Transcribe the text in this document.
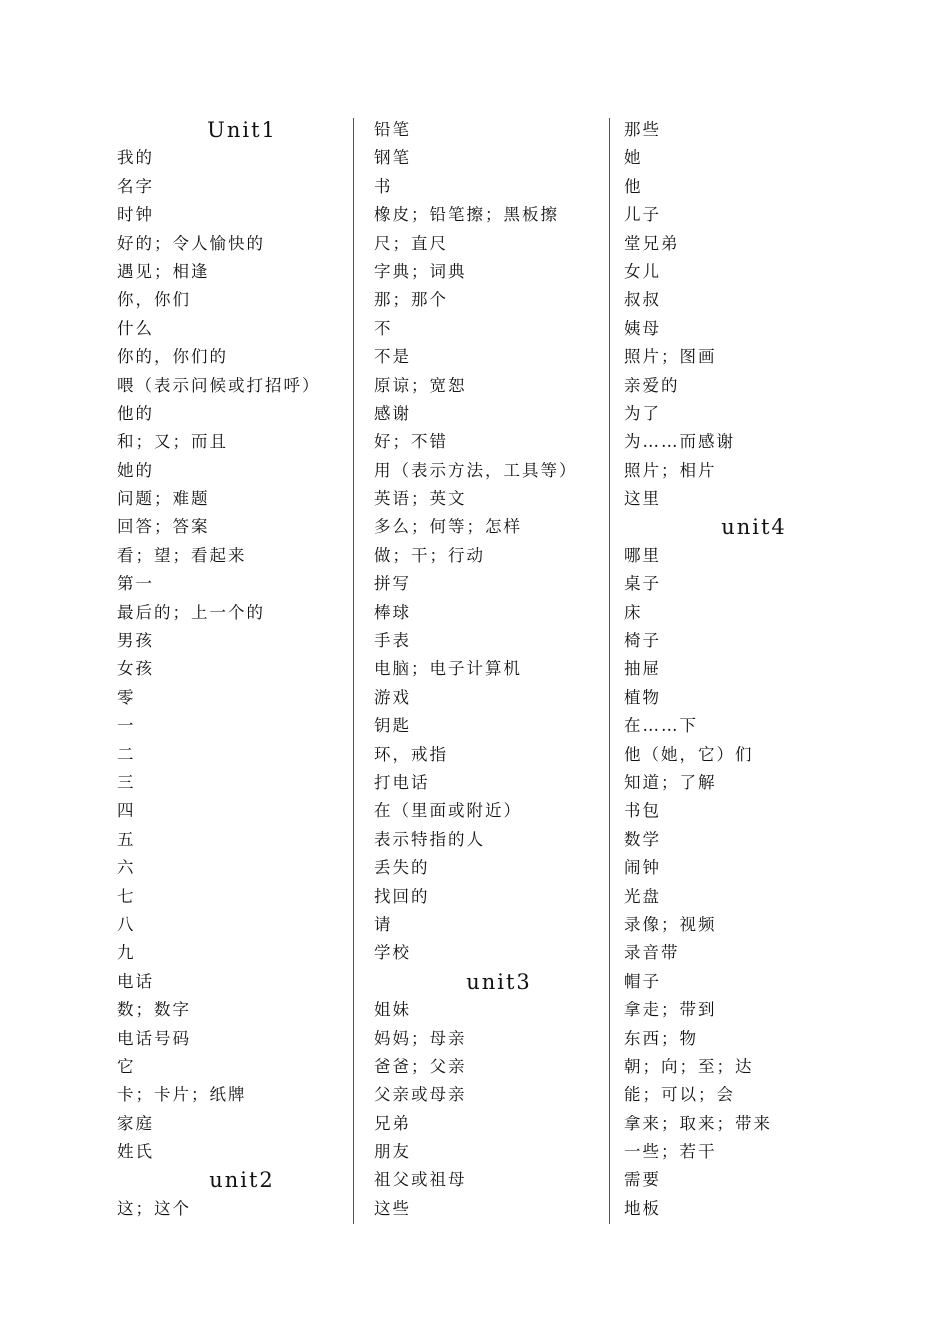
Unit1
我的
名字
时钟
好的；令人愉快的
遇见；相逢
你，你们
什么
你的，你们的
喂（表示问候或打招呼）
他的
和；又；而且
她的
问题；难题
回答；答案
看；望；看起来
第一
最后的；上一个的
男孩
女孩
零
一
二
三
四
五
六
七
八
九
电话
数；数字
电话号码
它
卡；卡片；纸牌
家庭
姓氏
unit2
这；这个
铅笔
钢笔
书
橡皮；铅笔擦；黑板擦
尺；直尺
字典；词典
那；那个
不
不是
原谅；宽恕
感谢
好；不错
用（表示方法，工具等）
英语；英文
多么；何等；怎样
做；干；行动
拼写
棒球
手表
电脑；电子计算机
游戏
钥匙
环，戒指
打电话
在（里面或附近）
表示特指的人
丢失的
找回的
请
学校
unit3
姐妹
妈妈；母亲
爸爸；父亲
父亲或母亲
兄弟
朋友
祖父或祖母
这些
那些
她
他
儿子
堂兄弟
女儿
叔叔
姨母
照片；图画
亲爱的
为了
为……而感谢
照片；相片
这里
unit4
哪里
桌子
床
椅子
抽屉
植物
在……下
他（她，它）们
知道；了解
书包
数学
闹钟
光盘
录像；视频
录音带
帽子
拿走；带到
东西；物
朝；向；至；达
能；可以；会
拿来；取来；带来
一些；若干
需要
地板
